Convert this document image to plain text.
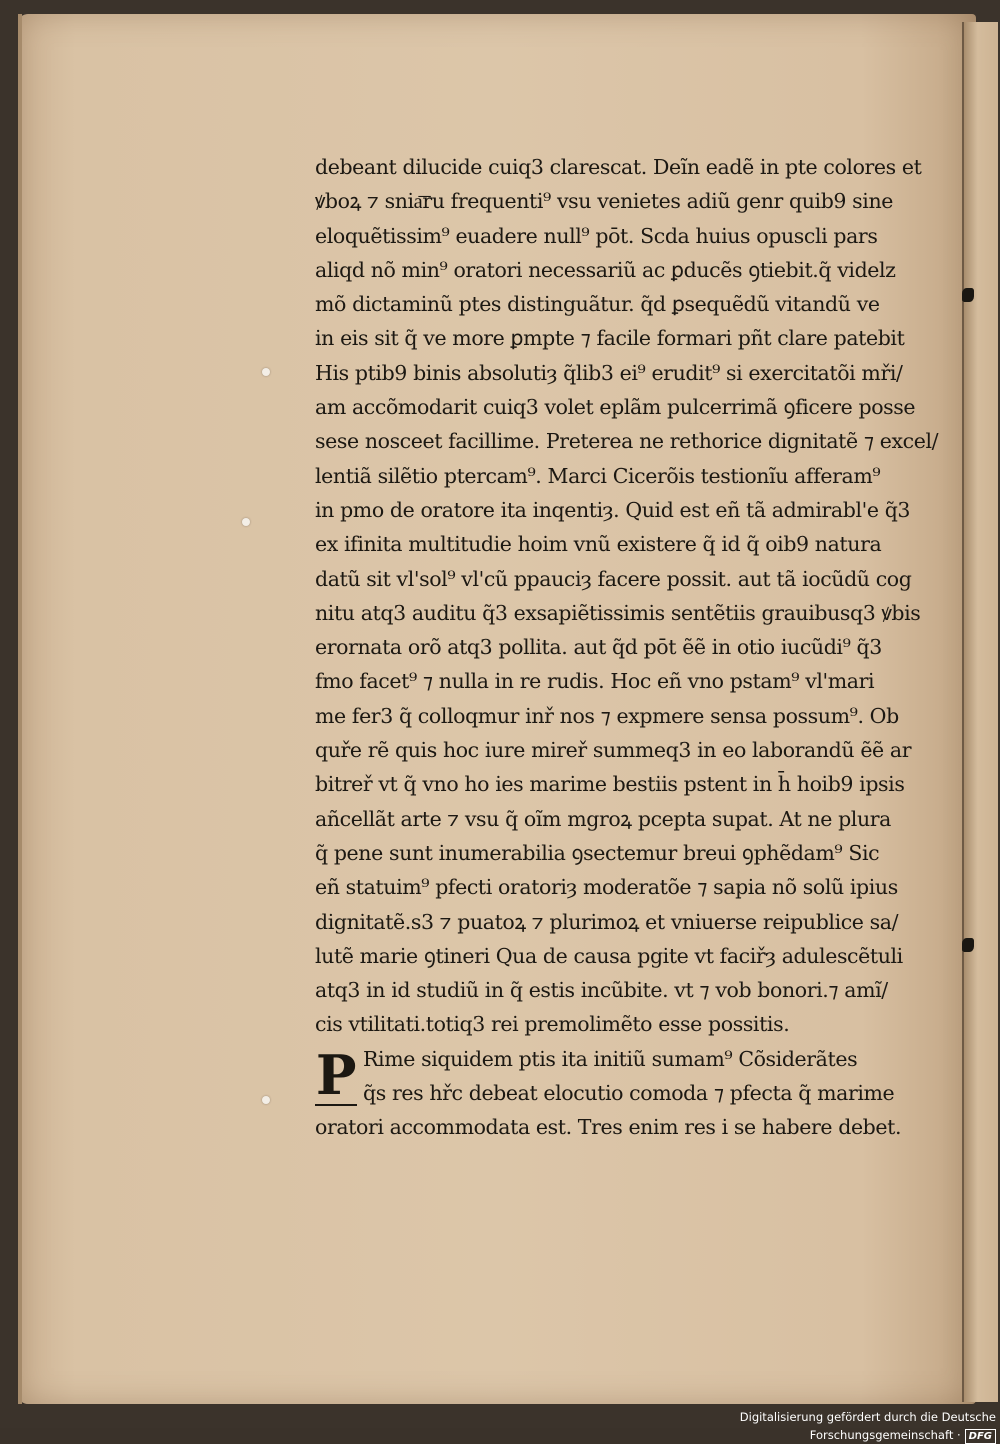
debeant dilucide cuiq3 clarescat. Deĩn eadẽ in pte colores et
ꝟboꝝ ⁊ snia͞ru frequenti⁹ vsu venietes adiũ genr quib9 sine
eloquẽtissim⁹ euadere null⁹ pōt. Scda huius opuscli pars
aliqd nõ min⁹ oratori necessariũ ac ꝑducẽs ꝯtiebit.q̃ videlz
mõ dictaminũ ptes distinguãtur. q̃d ꝑsequẽdũ vitandũ ve
in eis sit q̃ ve more ꝑmpte ⁊ facile formari pñt clare patebit
His ptib9 binis absolutiȝ q̃lib3 ei⁹ erudit⁹ si exercitatõi mři/
am accõmodarit cuiq3 volet eplãm pulcerrimã ꝯficere posse
sese nosceet facillime. Preterea ne rethorice dignitatẽ ⁊ excel/
lentiã silẽtio ptercam⁹. Marci Cicerõis testionĩu afferam⁹
in pmo de oratore ita inqentiȝ. Quid est eñ tã admirabl'e q̃3
ex ifinita multitudie hoim vnũ existere q̃ id q̃ oib9 natura
datũ sit vl'sol⁹ vl'cũ ppauciȝ facere possit. aut tã iocũdũ cog
nitu atq3 auditu q̃3 exsapiẽtissimis sentẽtiis grauibusq3 ꝟbis
erornata orõ atq3 pollita. aut q̃d pōt ẽẽ in otio iucũdi⁹ q̃3
fmo facet⁹ ⁊ nulla in re rudis. Hoc eñ vno pstam⁹ vl'mari
me fer3 q̃ colloqmur inř nos ⁊ expmere sensa possum⁹. Ob
quře rẽ quis hoc iure mireř summeq3 in eo laborandũ ẽẽ ar
bitreř vt q̃ vno ho ies marime bestiis pstent in h̄ hoib9 ipsis
añcellãt arte ⁊ vsu q̃ oĩm mgroꝝ pcepta supat. At ne plura
q̃ pene sunt inumerabilia ꝯsectemur breui ꝯphẽdam⁹ Sic
eñ statuim⁹ pfecti oratoriȝ moderatõe ⁊ sapia nõ solũ ipius
dignitatẽ.s3 ⁊ puatoꝝ ⁊ plurimoꝝ et vniuerse reipublice sa/
lutẽ marie ꝯtineri Qua de causa pgite vt faciřȝ adulescẽtuli
atq3 in id studiũ in q̃ estis incũbite. vt ⁊ vob bonori.⁊ amĩ/
cis vtilitati.totiq3 rei premolimẽto esse possitis.
P Rime siquidem ptis ita initiũ sumam⁹ Cõsiderãtes
q̃s res hřc debeat elocutio comoda ⁊ pfecta q̃ marime
oratori accommodata est. Tres enim res i se habere debet.
Digitalisierung gefördert durch die Deutsche Forschungsgemeinschaft · DFG
